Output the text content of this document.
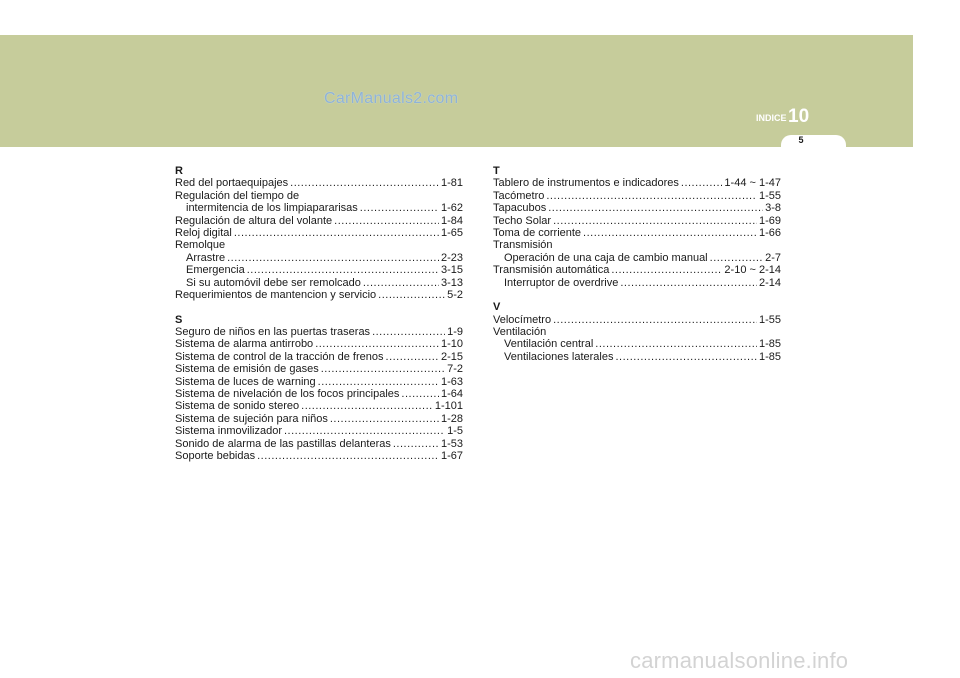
CarManuals2.com
INDICE 10
5
R
Red del portaequipajes .....	1-81
Regulación del tiempo de
intermitencia de los limpiapararisas .....	1-62
Regulación de altura del volante .....	1-84
Reloj digital .....	1-65
Remolque
Arrastre .....	2-23
Emergencia .....	3-15
Si su automóvil debe ser remolcado .....	3-13
Requerimientos de mantencion y servicio .....	5-2
S
Seguro de niños en las puertas traseras .....	1-9
Sistema de alarma antirrobo .....	1-10
Sistema de control de la tracción de frenos .....	2-15
Sistema de emisión de gases .....	7-2
Sistema de luces de warning .....	1-63
Sistema de nivelación de los focos principales .....	1-64
Sistema de sonido stereo .....	1-101
Sistema de sujeción para niños .....	1-28
Sistema inmovilizador .....	1-5
Sonido de alarma de las pastillas delanteras .....	1-53
Soporte bebidas .....	1-67
T
Tablero de instrumentos e indicadores .....	1-44 ~ 1-47
Tacómetro .....	1-55
Tapacubos .....	3-8
Techo Solar .....	1-69
Toma de corriente .....	1-66
Transmisión
Operación de una caja de cambio manual .....	2-7
Transmisión automática .....	2-10 ~ 2-14
Interruptor de overdrive .....	2-14
V
Velocímetro .....	1-55
Ventilación
Ventilación central .....	1-85
Ventilaciones laterales .....	1-85
carmanualsonline.info
